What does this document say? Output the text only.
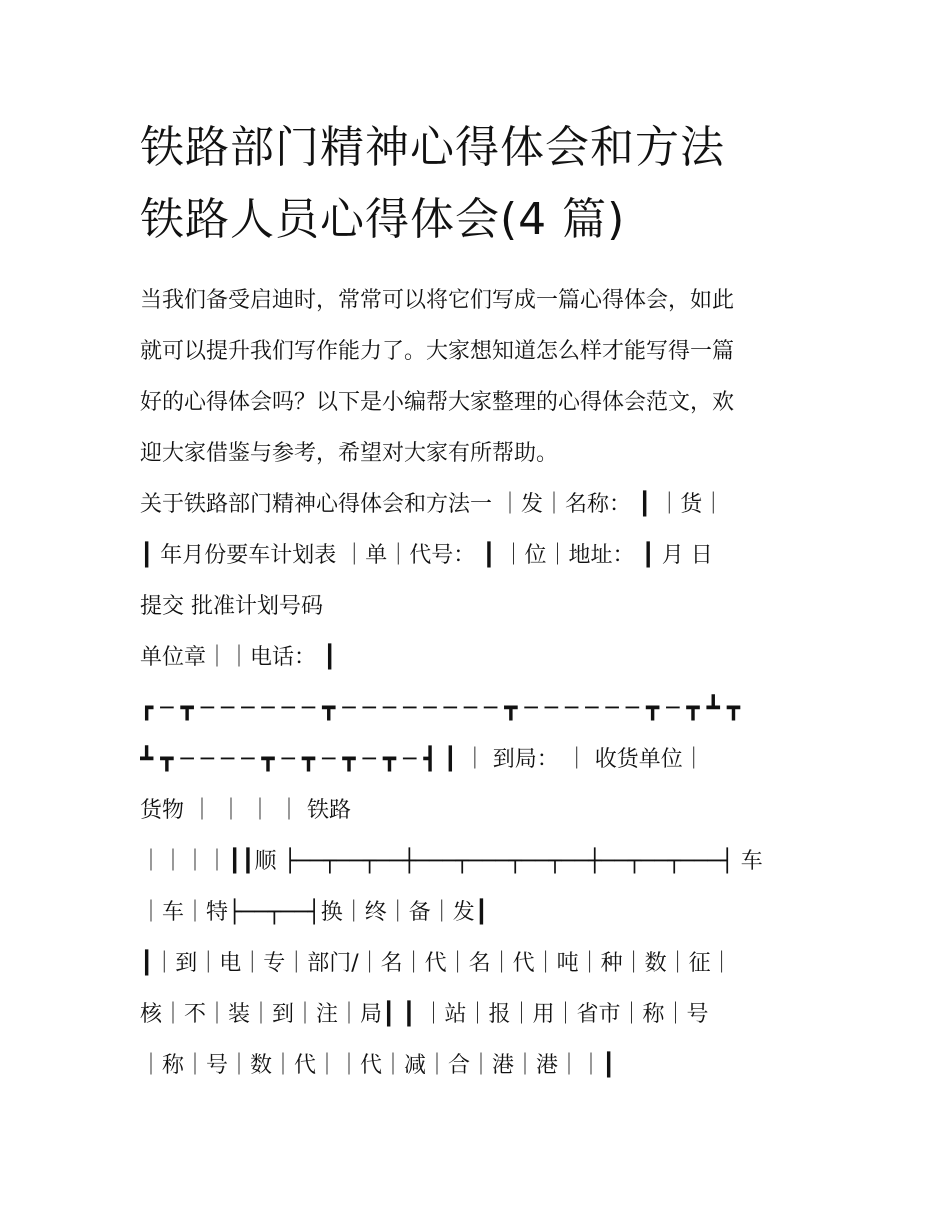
铁路部门精神心得体会和方法
铁路人员心得体会(4 篇)
当我们备受启迪时，常常可以将它们写成一篇心得体会，如此
就可以提升我们写作能力了。大家想知道怎么样才能写得一篇
好的心得体会吗？以下是小编帮大家整理的心得体会范文，欢
迎大家借鉴与参考，希望对大家有所帮助。
关于铁路部门精神心得体会和方法一 ｜发｜名称： ┃ ｜货｜
┃ 年月份要车计划表 ｜单｜代号： ┃ ｜位｜地址： ┃ 月 日
提交 批准计划号码
单位章｜｜电话： ┃
┏ ─ ┳ ─ ─ ─ ─ ─ ─ ┳ ─ ─ ─ ─ ─ ─ ─ ─ ┳ ─ ─ ─ ─ ─ ─ ┳ ─ ┳ ┻ ┳
┻ ┳ ─ ─ ─ ─ ┳ ─ ┳ ─ ┳ ─ ┳ ─ ┫ ┃ ｜ 到局： ｜ 收货单位｜
货物 ｜ ｜ ｜ ｜ 铁路
｜｜｜｜┃┃顺 ├──┬──┬──┼───┬───┬──┬──┼──┬──┬───┤ 车
｜车｜特├──┬──┤换｜终｜备｜发┃
┃｜到｜电｜专｜部门/｜名｜代｜名｜代｜吨｜种｜数｜征｜
核｜不｜装｜到｜注｜局┃ ┃ ｜站｜报｜用｜省市｜称｜号
｜称｜号｜数｜代｜｜代｜减｜合｜港｜港｜｜┃
